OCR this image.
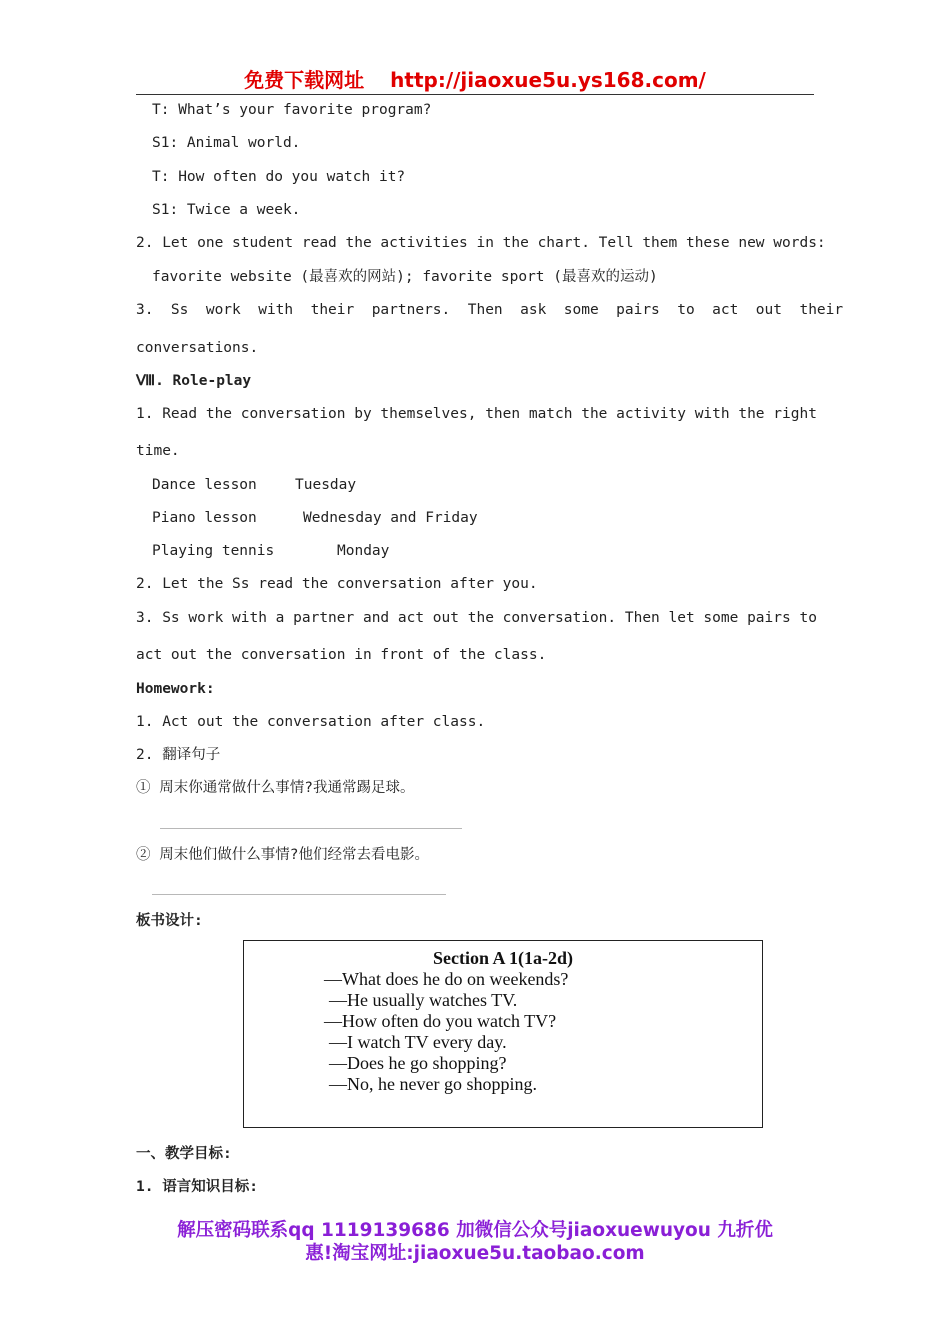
免费下载网址 http://jiaoxue5u.ys168.com/
T: What’s your favorite program?
S1: Animal world.
T: How often do you watch it?
S1: Twice a week.
2. Let one student read the activities in the chart. Tell them these new words:
favorite website (最喜欢的网站); favorite sport (最喜欢的运动)
3.  Ss  work  with  their  partners.  Then  ask  some  pairs  to  act  out  their
conversations.
Ⅷ. Role-play
1. Read the conversation by themselves, then match the activity with the right
time.
Dance lesson	Tuesday
Piano lesson	Wednesday and Friday
Playing tennis	Monday
2. Let the Ss read the conversation after you.
3. Ss work with a partner and act out the conversation. Then let some pairs to
act out the conversation in front of the class.
Homework:
1. Act out the conversation after class.
2. 翻译句子
① 周末你通常做什么事情?我通常踢足球。
② 周末他们做什么事情?他们经常去看电影。
板书设计:
Section A 1(1a-2d)
—What does he do on weekends?
—He usually watches TV.
—How often do you watch TV?
—I watch TV every day.
—Does he go shopping?
—No, he never go shopping.
一、教学目标:
1. 语言知识目标:
解压密码联系qq 1119139686 加微信公众号jiaoxuewuyou 九折优
惠!淘宝网址:jiaoxue5u.taobao.com
